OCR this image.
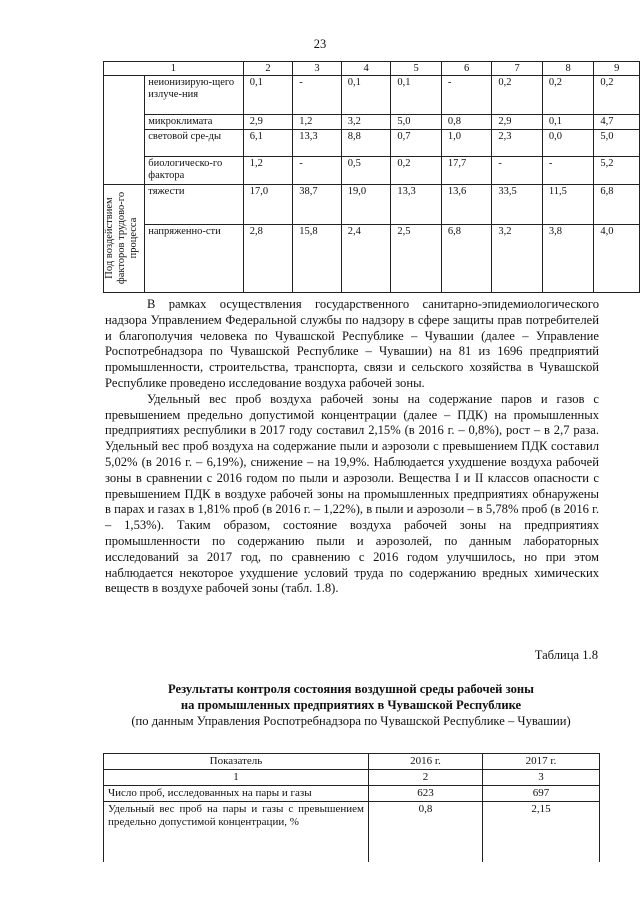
23
1		2	3	4	5	6	7	8	9
	неионизирую-щего излуче-ния	0,1	-	0,1	0,1	-	0,2	0,2	0,2
	микроклимата	2,9	1,2	3,2	5,0	0,8	2,9	0,1	4,7
	световой сре-ды	6,1	13,3	8,8	0,7	1,0	2,3	0,0	5,0
	биологическо-го фактора	1,2	-	0,5	0,2	17,7	-	-	5,2

Под воздействием факторов трудово-го процесса	тяжести	17,0	38,7	19,0	13,3	13,6	33,5	11,5	6,8
	напряженно-сти	2,8	15,8	2,4	2,5	6,8	3,2	3,8	4,0

В рамках осуществления государственного санитарно-эпидемиологического надзора Управлением Федеральной службы по надзору в сфере защиты прав потребителей и благополучия человека по Чувашской Республике – Чувашии (далее – Управление Роспотребнадзора по Чувашской Республике – Чувашии) на 81 из 1696 предприятий промышленности, строительства, транспорта, связи и сельского хозяйства в Чувашской Республике проведено исследование воздуха рабочей зоны.

Удельный вес проб воздуха рабочей зоны на содержание паров и газов с превышением предельно допустимой концентрации (далее – ПДК) на промышленных предприятиях республики в 2017 году составил 2,15% (в 2016 г. – 0,8%), рост – в 2,7 раза. Удельный вес проб воздуха на содержание пыли и аэрозоли с превышением ПДК составил 5,02% (в 2016 г. – 6,19%), снижение – на 19,9%. Наблюдается ухудшение воздуха рабочей зоны в сравнении с 2016 годом по пыли и аэрозоли. Вещества I и II классов опасности с превышением ПДК в воздухе рабочей зоны на промышленных предприятиях обнаружены в парах и газах в 1,81% проб (в 2016 г. – 1,22%), в пыли и аэрозоли – в 5,78% проб (в 2016 г. – 1,53%). Таким образом, состояние воздуха рабочей зоны на предприятиях промышленности по содержанию пыли и аэрозолей, по данным лабораторных исследований за 2017 год, по сравнению с 2016 годом улучшилось, но при этом наблюдается некоторое ухудшение условий труда по содержанию вредных химических веществ в воздухе рабочей зоны (табл. 1.8).

Таблица 1.8
Результаты контроля состояния воздушной среды рабочей зоны
на промышленных предприятиях в Чувашской Республике
(по данным Управления Роспотребнадзора по Чувашской Республике – Чувашии)
Показатель	2016 г.	2017 г.
1	2	3
Число проб, исследованных на пары и газы	623	697
Удельный вес проб на пары и газы с превышением предельно допустимой концентрации, %	0,8	2,15
